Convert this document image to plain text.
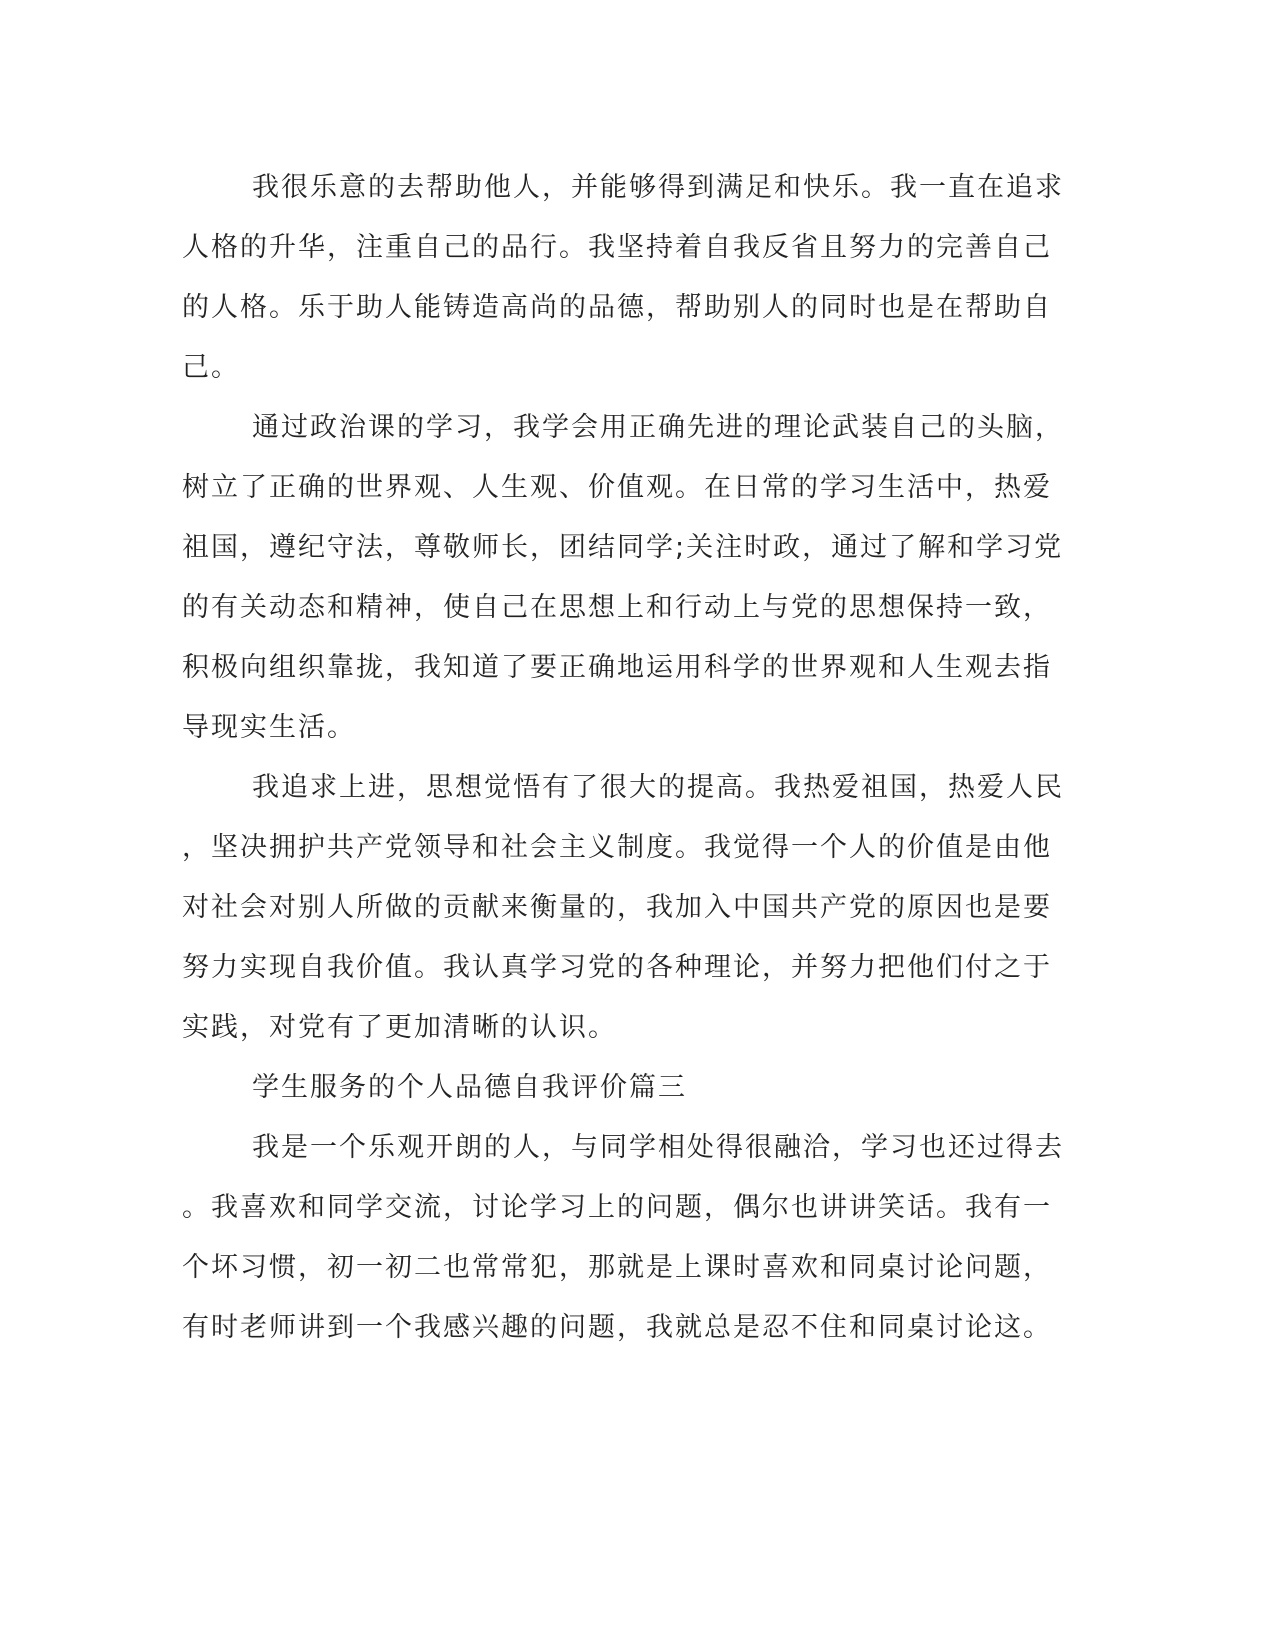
我很乐意的去帮助他人，并能够得到满足和快乐。我一直在追求
人格的升华，注重自己的品行。我坚持着自我反省且努力的完善自己
的人格。乐于助人能铸造高尚的品德，帮助别人的同时也是在帮助自
己。
通过政治课的学习，我学会用正确先进的理论武装自己的头脑，
树立了正确的世界观、人生观、价值观。在日常的学习生活中，热爱
祖国，遵纪守法，尊敬师长，团结同学;关注时政，通过了解和学习党
的有关动态和精神，使自己在思想上和行动上与党的思想保持一致，
积极向组织靠拢，我知道了要正确地运用科学的世界观和人生观去指
导现实生活。
我追求上进，思想觉悟有了很大的提高。我热爱祖国，热爱人民
，坚决拥护共产党领导和社会主义制度。我觉得一个人的价值是由他
对社会对别人所做的贡献来衡量的，我加入中国共产党的原因也是要
努力实现自我价值。我认真学习党的各种理论，并努力把他们付之于
实践，对党有了更加清晰的认识。
学生服务的个人品德自我评价篇三
我是一个乐观开朗的人，与同学相处得很融洽，学习也还过得去
。我喜欢和同学交流，讨论学习上的问题，偶尔也讲讲笑话。我有一
个坏习惯，初一初二也常常犯，那就是上课时喜欢和同桌讨论问题，
有时老师讲到一个我感兴趣的问题，我就总是忍不住和同桌讨论这。
